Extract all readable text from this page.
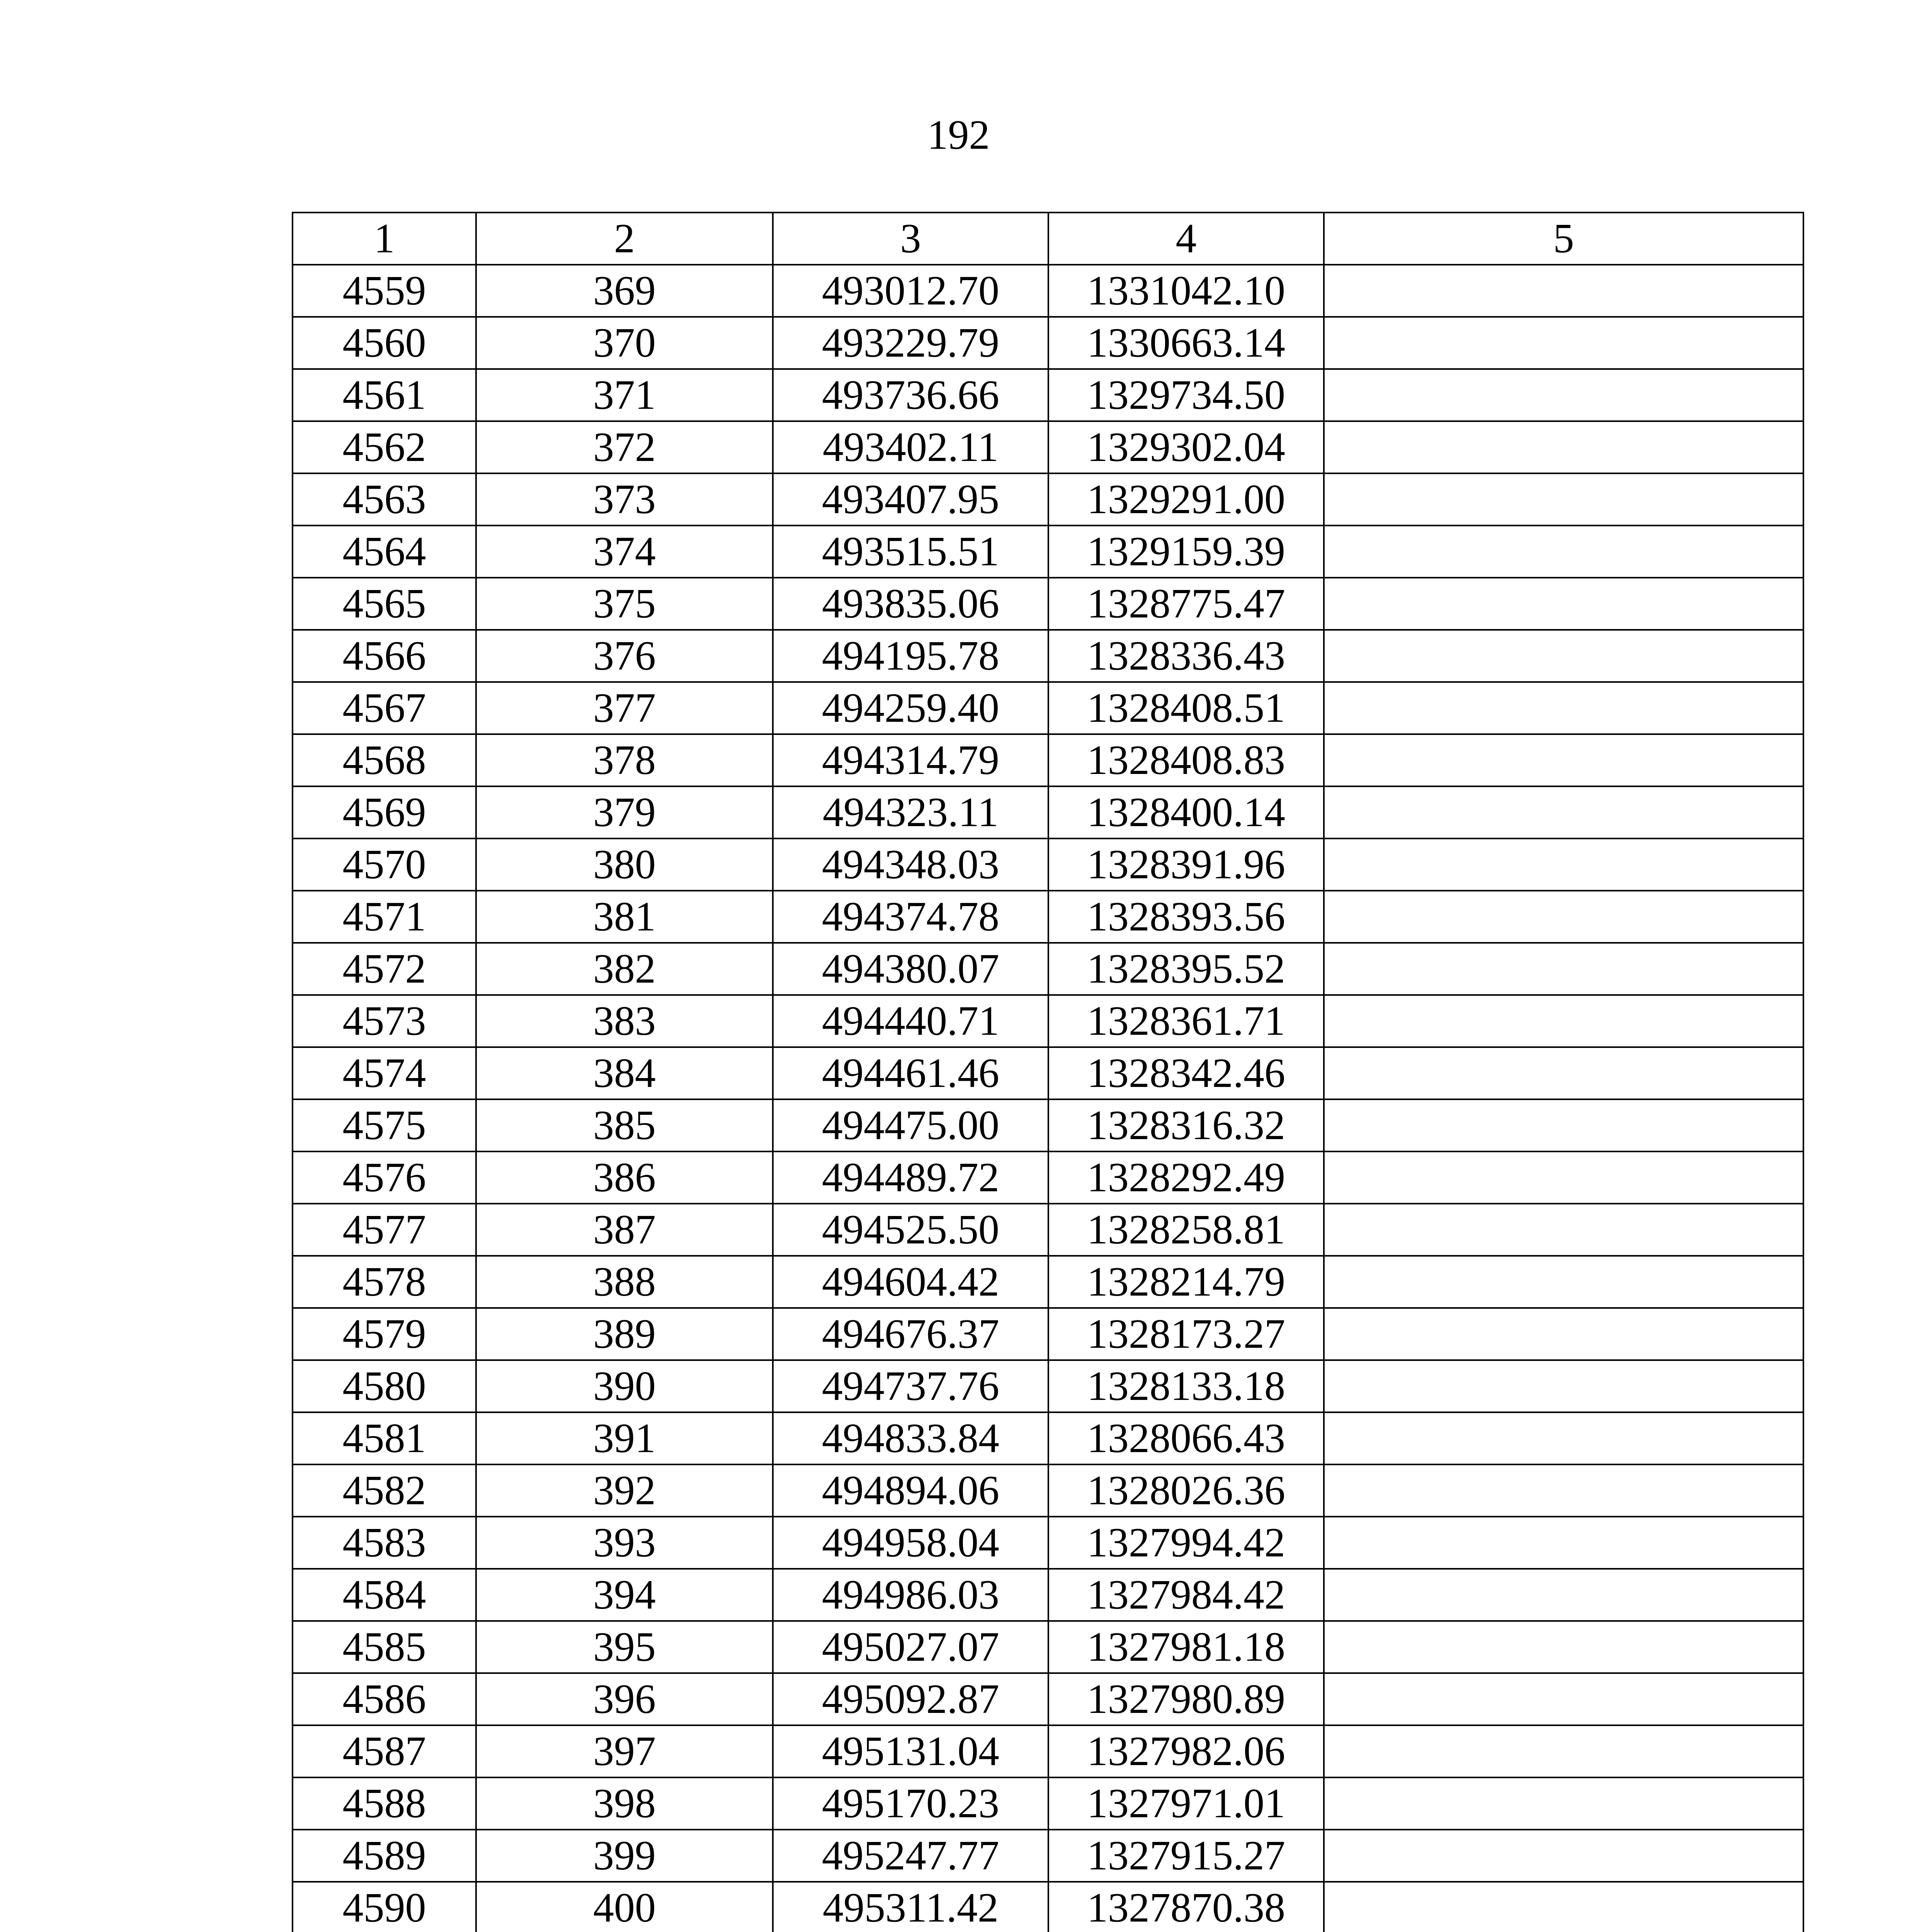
192
1	2	3	4	5
4559	369	493012.70	1331042.10	
4560	370	493229.79	1330663.14	
4561	371	493736.66	1329734.50	
4562	372	493402.11	1329302.04	
4563	373	493407.95	1329291.00	
4564	374	493515.51	1329159.39	
4565	375	493835.06	1328775.47	
4566	376	494195.78	1328336.43	
4567	377	494259.40	1328408.51	
4568	378	494314.79	1328408.83	
4569	379	494323.11	1328400.14	
4570	380	494348.03	1328391.96	
4571	381	494374.78	1328393.56	
4572	382	494380.07	1328395.52	
4573	383	494440.71	1328361.71	
4574	384	494461.46	1328342.46	
4575	385	494475.00	1328316.32	
4576	386	494489.72	1328292.49	
4577	387	494525.50	1328258.81	
4578	388	494604.42	1328214.79	
4579	389	494676.37	1328173.27	
4580	390	494737.76	1328133.18	
4581	391	494833.84	1328066.43	
4582	392	494894.06	1328026.36	
4583	393	494958.04	1327994.42	
4584	394	494986.03	1327984.42	
4585	395	495027.07	1327981.18	
4586	396	495092.87	1327980.89	
4587	397	495131.04	1327982.06	
4588	398	495170.23	1327971.01	
4589	399	495247.77	1327915.27	
4590	400	495311.42	1327870.38	
